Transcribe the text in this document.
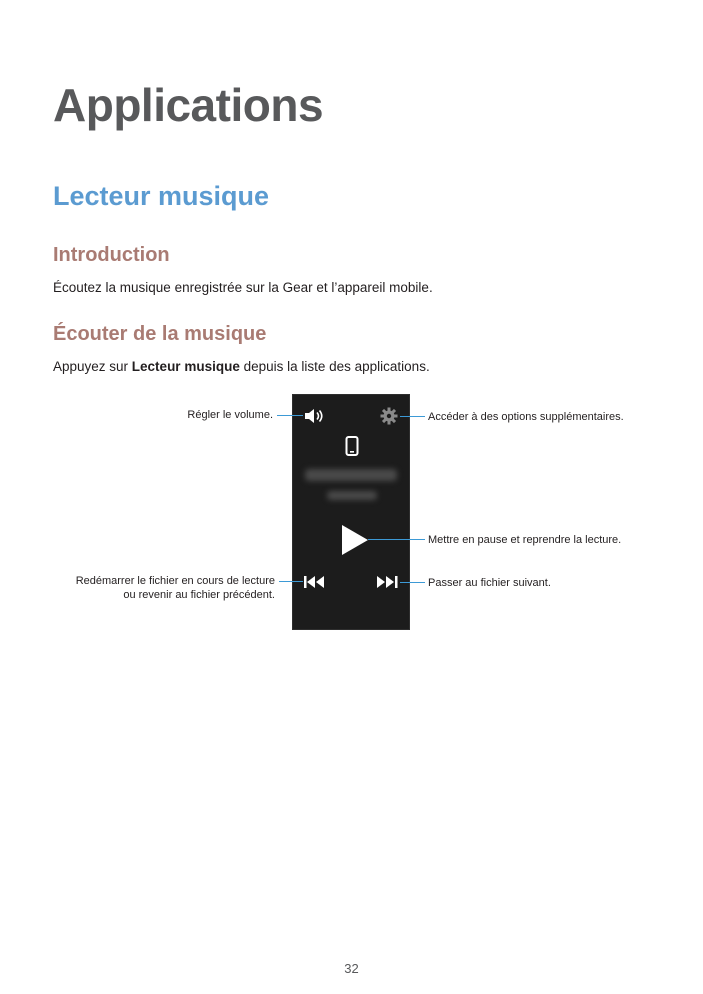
Applications
Lecteur musique
Introduction
Écoutez la musique enregistrée sur la Gear et l’appareil mobile.
Écouter de la musique
Appuyez sur Lecteur musique depuis la liste des applications.
Régler le volume.	Accéder à des options supplémentaires.
Mettre en pause et reprendre la lecture.
Redémarrer le fichier en cours de lecture
ou revenir au fichier précédent.
Passer au fichier suivant.
32
